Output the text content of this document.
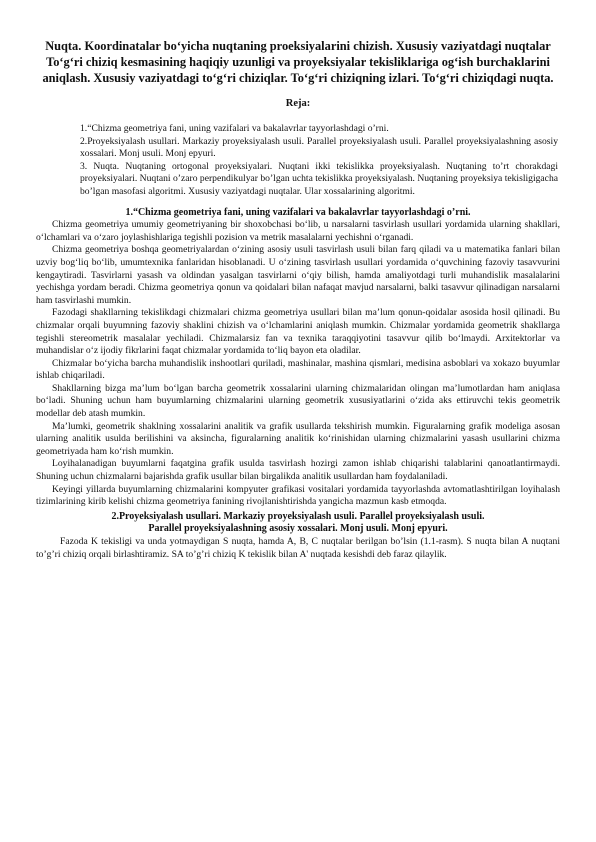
Nuqta. Koordinatalar bo‘yicha nuqtaning proeksiyalarini chizish. Xususiy vaziyatdagi nuqtalar To‘g‘ri chiziq kesmasining haqiqiy uzunligi va proyeksiyalar tekisliklariga og‘ish burchaklarini aniqlash. Xususiy vaziyatdagi to‘g‘ri chiziqlar. To‘g‘ri chiziqning izlari. To‘g‘ri chiziqdagi nuqta.

Reja:

1.“Chizma geometriya fani, uning vazifalari va bakalavrlar tayyorlashdagi o’rni.

2.Proyeksiyalash usullari. Markaziy proyeksiyalash usuli. Parallel proyeksiyalash usuli. Parallel proyeksiyalashning asosiy xossalari. Monj usuli. Monj epyuri.

3. Nuqta. Nuqtaning ortogonal proyeksiyalari. Nuqtani ikki tekislikka proyeksiyalash. Nuqtaning to’rt chorakdagi proyeksiyalari. Nuqtani o’zaro perpendikulyar bo’lgan uchta tekislikka proyeksiyalash. Nuqtaning proyeksiya tekisligigacha bo’lgan masofasi algoritmi. Xususiy vaziyatdagi nuqtalar. Ular xossalarining algoritmi.

1.“Chizma geometriya fani, uning vazifalari va bakalavrlar tayyorlashdagi o’rni.

Chizma geometriya umumiy geometriyaning bir shoxobchasi bo‘lib, u narsalarni tasvirlash usullari yordamida ularning shakllari, o‘lchamlari va o‘zaro joylashishlariga tegishli pozision va metrik masalalarni yechishni o‘rganadi.

Chizma geometriya boshqa geometriyalardan o‘zining asosiy usuli tasvirlash usuli bilan farq qiladi va u matematika fanlari bilan uzviy bog‘liq bo‘lib, umumtexnika fanlaridan hisoblanadi. U o‘zining tasvirlash usullari yordamida o‘quvchining fazoviy tasavvurini kengaytiradi. Tasvirlarni yasash va oldindan yasalgan tasvirlarni o‘qiy bilish, hamda amaliyotdagi turli muhandislik masalalarini yechishga yordam beradi. Chizma geometriya qonun va qoidalari bilan nafaqat mavjud narsalarni, balki tasavvur qilinadigan narsalarni ham tasvirlashi mumkin.

Fazodagi shakllarning tekislikdagi chizmalari chizma geometriya usullari bilan ma’lum qonun-qoidalar asosida hosil qilinadi. Bu chizmalar orqali buyumning fazoviy shaklini chizish va o‘lchamlarini aniqlash mumkin. Chizmalar yordamida geometrik shakllarga tegishli stereometrik masalalar yechiladi. Chizmalarsiz fan va texnika taraqqiyotini tasavvur qilib bo‘lmaydi. Arxitektorlar va muhandislar o‘z ijodiy fikrlarini faqat chizmalar yordamida to‘liq bayon eta oladilar.

Chizmalar bo‘yicha barcha muhandislik inshootlari quriladi, mashinalar, mashina qismlari, medisina asboblari va xokazo buyumlar ishlab chiqariladi.

Shakllarning bizga ma’lum bo‘lgan barcha geometrik xossalarini ularning chizmalaridan olingan ma’lumotlardan ham aniqlasa bo‘ladi. Shuning uchun ham buyumlarning chizmalarini ularning geometrik xususiyatlarini o‘zida aks ettiruvchi tekis geometrik modellar deb atash mumkin.

Ma’lumki, geometrik shaklning xossalarini analitik va grafik usullarda tekshirish mumkin. Figuralarning grafik modeliga asosan ularning analitik usulda berilishini va aksincha, figuralarning analitik ko‘rinishidan ularning chizmalarini yasash usullarini chizma geometriyada ham ko‘rish mumkin.

Loyihalanadigan buyumlarni faqatgina grafik usulda tasvirlash hozirgi zamon ishlab chiqarishi talablarini qanoatlantirmaydi. Shuning uchun chizmalarni bajarishda grafik usullar bilan birgalikda analitik usullardan ham foydalaniladi.

Keyingi yillarda buyumlarning chizmalarini kompyuter grafikasi vositalari yordamida tayyorlashda avtomatlashtirilgan loyihalash tizimlarining kirib kelishi chizma geometriya fanining rivojlanishtirishda yangicha mazmun kasb etmoqda.

2.Proyeksiyalash usullari. Markaziy proyeksiyalash usuli. Parallel proyeksiyalash usuli.

Parallel proyeksiyalashning asosiy xossalari. Monj usuli. Monj epyuri.

Fazoda K tekisligi va unda yotmaydigan S nuqta, hamda A, B, C nuqtalar berilgan bo’lsin (1.1-rasm). S nuqta bilan A nuqtani to’g’ri chiziq orqali birlashtiramiz. SA to’g’ri chiziq K tekislik bilan A' nuqtada kesishdi deb faraz qilaylik.
